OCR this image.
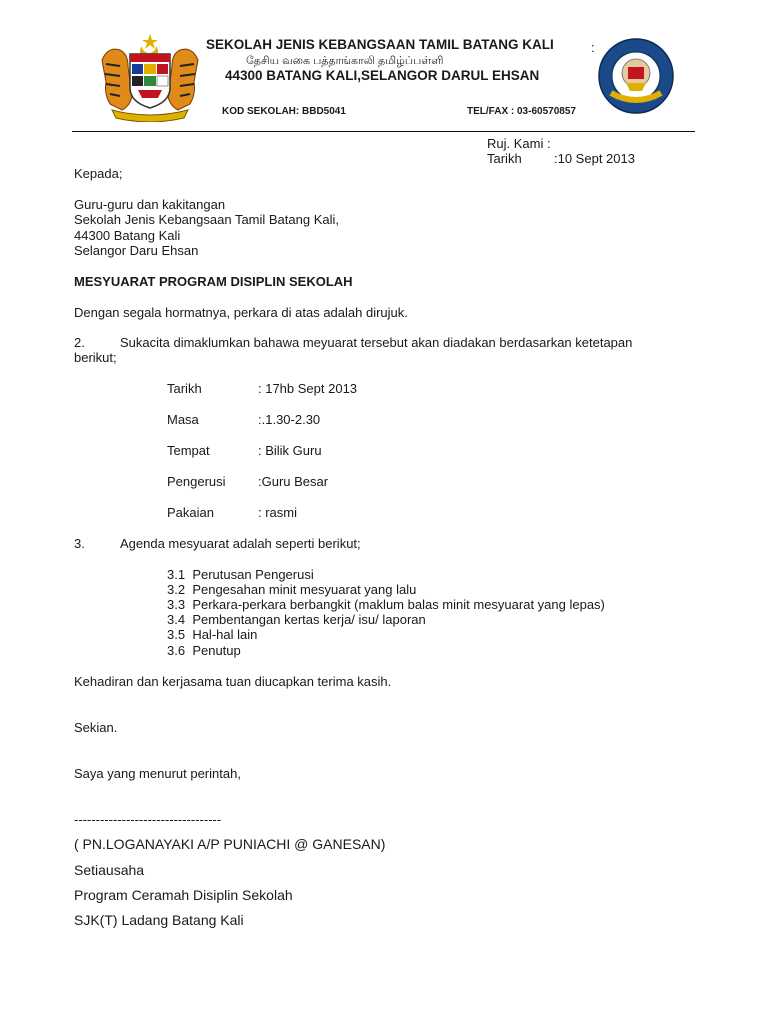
SEKOLAH JENIS KEBANGSAAN TAMIL BATANG KALI	:
தேசிய வகை பத்தாங்காலி தமிழ்ப்பள்ளி
44300 BATANG KALI,SELANGOR DARUL EHSAN
KOD SEKOLAH: BBD5041	TEL/FAX : 03-60570857
Ruj. Kami :
Tarikh :10 Sept 2013
Kepada;
Guru-guru dan kakitangan
Sekolah Jenis Kebangsaan Tamil Batang Kali,
44300 Batang Kali
Selangor Daru Ehsan
MESYUARAT PROGRAM DISIPLIN SEKOLAH
Dengan segala hormatnya, perkara di atas adalah dirujuk.
2.	Sukacita dimaklumkan bahawa meyuarat tersebut akan diadakan berdasarkan ketetapan
berikut;
Tarikh	: 17hb Sept 2013
Masa	:.1.30-2.30
Tempat	: Bilik Guru
Pengerusi :Guru Besar
Pakaian	: rasmi
3.	Agenda mesyuarat adalah seperti berikut;
3.1 Perutusan Pengerusi
3.2 Pengesahan minit mesyuarat yang lalu
3.3 Perkara-perkara berbangkit (maklum balas minit mesyuarat yang lepas)
3.4 Pembentangan kertas kerja/ isu/ laporan
3.5 Hal-hal lain
3.6 Penutup
Kehadiran dan kerjasama tuan diucapkan terima kasih.
Sekian.
Saya yang menurut perintah,
----------------------------------
( PN.LOGANAYAKI A/P PUNIACHI @ GANESAN)
Setiausaha
Program Ceramah Disiplin Sekolah
SJK(T) Ladang Batang Kali
